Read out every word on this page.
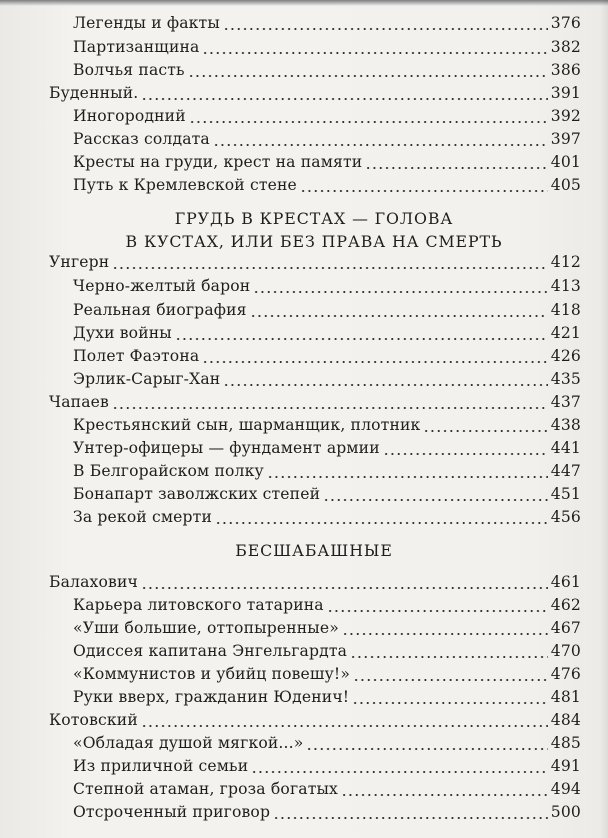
Легенды и факты	376
Партизанщина	382
Волчья пасть	386
Буденный.	391
Иногородний	392
Рассказ солдата	397
Кресты на груди, крест на памяти	401
Путь к Кремлевской стене	405
ГРУДЬ В КРЕСТАХ — ГОЛОВА
В КУСТАХ, ИЛИ БЕЗ ПРАВА НА СМЕРТЬ
Унгерн	412
Черно-желтый барон	413
Реальная биография	418
Духи войны	421
Полет Фаэтона	426
Эрлик-Сарыг-Хан	435
Чапаев	437
Крестьянский сын, шарманщик, плотник	438
Унтер-офицеры — фундамент армии	441
В Белгорайском полку	447
Бонапарт заволжских степей	451
За рекой смерти	456
БЕСШАБАШНЫЕ
Балахович	461
Карьера литовского татарина	462
«Уши большие, оттопыренные»	467
Одиссея капитана Энгельгардта	470
«Коммунистов и убийц повешу!»	476
Руки вверх, гражданин Юденич!	481
Котовский	484
«Обладая душой мягкой...»	485
Из приличной семьи	491
Степной атаман, гроза богатых	494
Отсроченный приговор	500
